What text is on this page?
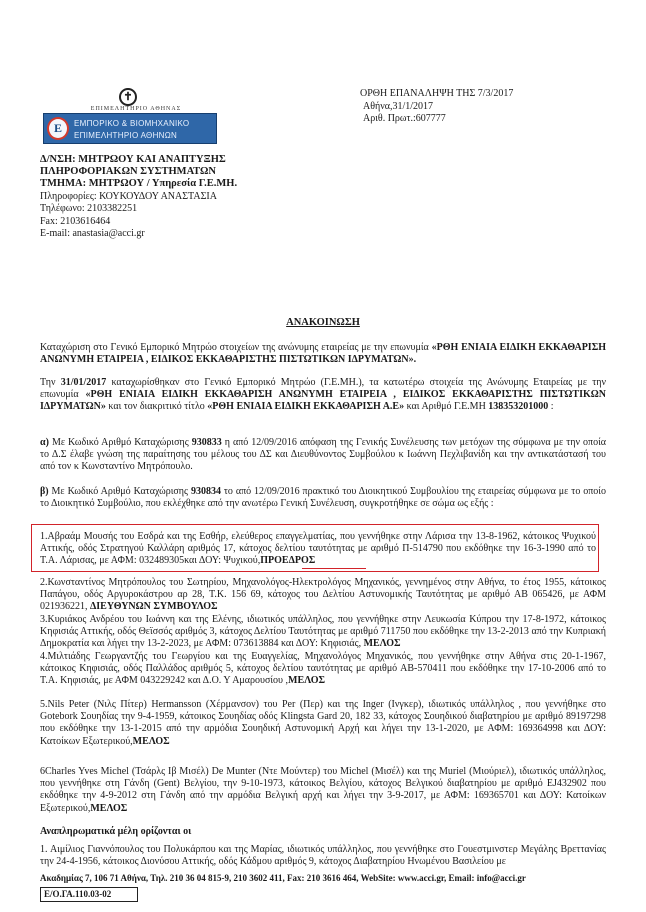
✝
ΕΠΙΜΕΛΗΤΗΡΙΟ ΑΘΗΝΑΣ
Ε	ΕΜΠΟΡΙΚΟ & ΒΙΟΜΗΧΑΝΙΚΟ
ΕΠΙΜΕΛΗΤΗΡΙΟ ΑΘΗΝΩΝ
ΟΡΘΗ ΕΠΑΝΑΛΗΨΗ ΤΗΣ 7/3/2017
Αθήνα,31/1/2017
Αριθ. Πρωτ.:607777
Δ/ΝΣΗ: ΜΗΤΡΩΟΥ ΚΑΙ ΑΝΑΠΤΥΞΗΣ
ΠΛΗΡΟΦΟΡΙΑΚΩΝ ΣΥΣΤΗΜΑΤΩΝ
ΤΜΗΜΑ: ΜΗΤΡΩΟΥ / Υπηρεσία Γ.Ε.ΜΗ.
Πληροφορίες: ΚΟΥΚΟΥΔΟΥ ΑΝΑΣΤΑΣΙΑ
Τηλέφωνο: 2103382251
Fax: 2103616464
E-mail: anastasia@acci.gr
ΑΝΑΚΟΙΝΩΣΗ
Καταχώριση στο Γενικό Εμπορικό Μητρώο στοιχείων της ανώνυμης εταιρείας με την επωνυμία «ΡΘΗ ΕΝΙΑΙΑ ΕΙΔΙΚΗ ΕΚΚΑΘΑΡΙΣΗ ΑΝΩΝΥΜΗ ΕΤΑΙΡΕΙΑ , ΕΙΔΙΚΟΣ ΕΚΚΑΘΑΡΙΣΤΗΣ ΠΙΣΤΩΤΙΚΩΝ ΙΔΡΥΜΑΤΩΝ».
Την 31/01/2017 καταχωρίσθηκαν στο Γενικό Εμπορικό Μητρώο (Γ.Ε.ΜΗ.), τα κατωτέρω στοιχεία της Ανώνυμης Εταιρείας με την επωνυμία «ΡΘΗ ΕΝΙΑΙΑ ΕΙΔΙΚΗ ΕΚΚΑΘΑΡΙΣΗ ΑΝΩΝΥΜΗ ΕΤΑΙΡΕΙΑ , ΕΙΔΙΚΟΣ ΕΚΚΑΘΑΡΙΣΤΗΣ ΠΙΣΤΩΤΙΚΩΝ ΙΔΡΥΜΑΤΩΝ» και τον διακριτικό τίτλο «ΡΘΗ ΕΝΙΑΙΑ ΕΙΔΙΚΗ ΕΚΚΑΘΑΡΙΣΗ Α.Ε» και Αριθμό Γ.Ε.ΜΗ 138353201000 :
α) Με Κωδικό Αριθμό Καταχώρισης 930833 η από 12/09/2016 απόφαση της Γενικής Συνέλευσης των μετόχων της σύμφωνα με την οποία το Δ.Σ έλαβε γνώση της παραίτησης του μέλους του ΔΣ και Διευθύνοντος Συμβούλου κ Ιωάννη Πεχλιβανίδη και την αντικατάστασή του από τον κ Κωνσταντίνο Μητρόπουλο.
β) Με Κωδικό Αριθμό Καταχώρισης 930834 το από 12/09/2016 πρακτικό του Διοικητικού Συμβουλίου της εταιρείας σύμφωνα με το οποίο το Διοικητικό Συμβούλιο, που εκλέχθηκε από την ανωτέρω Γενική Συνέλευση, συγκροτήθηκε σε σώμα ως εξής :
1.Αβραάμ Μουσής του Εσδρά και της Εσθήρ, ελεύθερος επαγγελματίας, που γεννήθηκε στην Λάρισα την 13-8-1962, κάτοικος Ψυχικού Αττικής, οδός Στρατηγού Καλλάρη αριθμός 17, κάτοχος δελτίου ταυτότητας με αριθμό Π-514790 που εκδόθηκε την 16-3-1990 από το Τ.Α. Λάρισας, με ΑΦΜ: 032489305και ΔΟΥ: Ψυχικού,ΠΡΟΕΔΡΟΣ
2.Κωνσταντίνος Μητρόπουλος του Σωτηρίου, Μηχανολόγος-Ηλεκτρολόγος Μηχανικός, γεννημένος στην Αθήνα, το έτος 1955, κάτοικος Παπάγου, οδός Αργυροκάστρου αρ 28, Τ.Κ. 156 69, κάτοχος του Δελτίου Αστυνομικής Ταυτότητας με αριθμό ΑΒ 065426, με ΑΦΜ 021936221, ΔΙΕΥΘΥΝΩΝ ΣΥΜΒΟΥΛΟΣ
3.Κυριάκος Ανδρέου του Ιωάννη και της Ελένης, ιδιωτικός υπάλληλος, που γεννήθηκε στην Λευκωσία Κύπρου την 17-8-1972, κάτοικος Κηφισιάς Αττικής, οδός Θεϊσσός αριθμός 3, κάτοχος Δελτίου Ταυτότητας με αριθμό 711750 που εκδόθηκε την 13-2-2013 από την Κυπριακή Δημοκρατία και λήγει την 13-2-2023, με ΑΦΜ: 073613884 και ΔΟΥ: Κηφισιάς, ΜΕΛΟΣ
4.Μιλτιάδης Γεωργαντζής του Γεωργίου και της Ευαγγελίας, Μηχανολόγος Μηχανικός, που γεννήθηκε στην Αθήνα στις 20-1-1967, κάτοικος Κηφισιάς, οδός Παλλάδος αριθμός 5, κάτοχος δελτίου ταυτότητας με αριθμό ΑΒ-570411 που εκδόθηκε την 17-10-2006 από το Τ.Α. Κηφισιάς, με ΑΦΜ 043229242 και Δ.Ο. Υ Αμαρουσίου ,ΜΕΛΟΣ
5.Nils Peter (Νιλς Πίτερ) Hermansson (Χέρμανσον) του Per (Περ) και της Inger (Ινγκερ), ιδιωτικός υπάλληλος , που γεννήθηκε στο Gotebork Σουηδίας την 9-4-1959, κάτοικος Σουηδίας οδός Klingsta Gard 20, 182 33, κάτοχος Σουηδικού διαβατηρίου με αριθμό 89197298 που εκδόθηκε την 13-1-2015 από την αρμόδια Σουηδική Αστυνομική Αρχή και λήγει την 13-1-2020, με ΑΦΜ: 169364998 και ΔΟΥ: Κατοίκων Εξωτερικού,ΜΕΛΟΣ
6Charles Yves Michel (Τσάρλς Ιβ Μισέλ) De Munter (Ντε Μούντερ) του Michel (Μισέλ) και της Muriel (Μιούριελ), ιδιωτικός υπάλληλος, που γεννήθηκε στη Γάνδη (Gent) Βελγίου, την 9-10-1973, κάτοικος Βελγίου, κάτοχος Βελγικού διαβατηρίου με αριθμό EJ432902 που εκδόθηκε την 4-9-2012 στη Γάνδη από την αρμόδια Βελγική αρχή και λήγει την 3-9-2017, με ΑΦΜ: 169365701 και ΔΟΥ: Κατοίκων Εξωτερικού,ΜΕΛΟΣ
Αναπληρωματικά μέλη ορίζονται οι
1. Αιμίλιος Γιαννόπουλος του Πολυκάρπου και της Μαρίας, ιδιωτικός υπάλληλος, που γεννήθηκε στο Γουεστμινστερ Μεγάλης Βρεττανίας την 24-4-1956, κάτοικος Διονύσου Αττικής, οδός Κάδμου αριθμός 9, κάτοχος Διαβατηρίου Ηνωμένου Βασιλείου με
Ακαδημίας 7, 106 71 Αθήνα, Τηλ. 210 36 04 815-9, 210 3602 411, Fax: 210 3616 464, WebSite: www.acci.gr, Email: info@acci.gr
Ε/Ο.ΓΑ.110.03-02
